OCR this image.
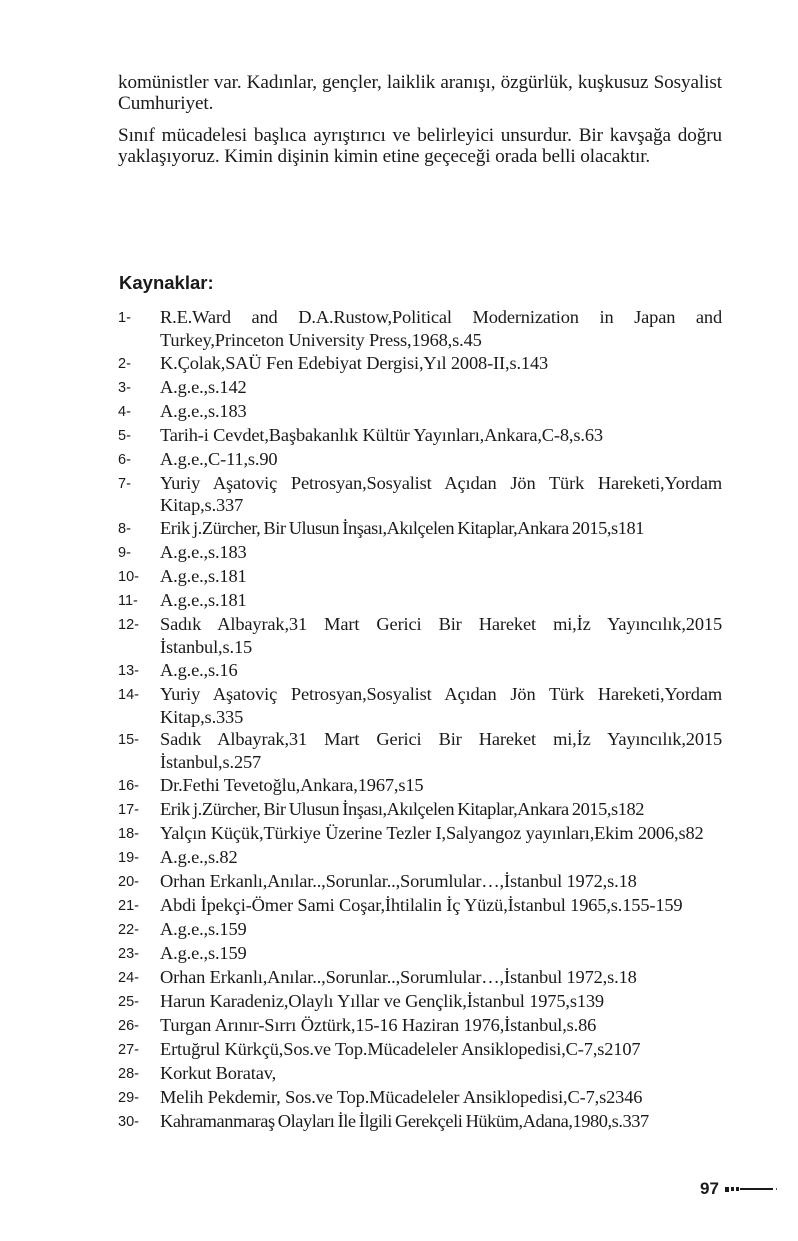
komünistler var. Kadınlar, gençler, laiklik aranışı, özgürlük, kuşkusuz Sosyalist Cumhuriyet.

Sınıf mücadelesi başlıca ayrıştırıcı ve belirleyici unsurdur. Bir kavşağa doğru yaklaşıyoruz. Kimin dişinin kimin etine geçeceği orada belli olacaktır.

Kaynaklar:
1-	R.E.Ward and D.A.Rustow,Political Modernization in Japan and Turkey,Princeton University Press,1968,s.45
2-	K.Çolak,SAÜ Fen Edebiyat Dergisi,Yıl 2008-II,s.143
3-	A.g.e.,s.142
4-	A.g.e.,s.183
5-	Tarih-i Cevdet,Başbakanlık Kültür Yayınları,Ankara,C-8,s.63
6-	A.g.e.,C-11,s.90
7-	Yuriy Aşatoviç Petrosyan,Sosyalist Açıdan Jön Türk Hareketi,Yordam Kitap,s.337
8-	Erik j.Zürcher, Bir Ulusun İnşası,Akılçelen Kitaplar,Ankara 2015,s181
9-	A.g.e.,s.183
10-	A.g.e.,s.181
11-	A.g.e.,s.181
12-	Sadık Albayrak,31 Mart Gerici Bir Hareket mi,İz Yayıncılık,2015 İstanbul,s.15
13-	A.g.e.,s.16
14-	Yuriy Aşatoviç Petrosyan,Sosyalist Açıdan Jön Türk Hareketi,Yordam Kitap,s.335
15-	Sadık Albayrak,31 Mart Gerici Bir Hareket mi,İz Yayıncılık,2015 İstanbul,s.257
16-	Dr.Fethi Tevetoğlu,Ankara,1967,s15
17-	Erik j.Zürcher, Bir Ulusun İnşası,Akılçelen Kitaplar,Ankara 2015,s182
18-	Yalçın Küçük,Türkiye Üzerine Tezler I,Salyangoz yayınları,Ekim 2006,s82
19-	A.g.e.,s.82
20-	Orhan Erkanlı,Anılar..,Sorunlar..,Sorumlular…,İstanbul 1972,s.18
21-	Abdi İpekçi-Ömer Sami Coşar,İhtilalin İç Yüzü,İstanbul 1965,s.155-159
22-	A.g.e.,s.159
23-	A.g.e.,s.159
24-	Orhan Erkanlı,Anılar..,Sorunlar..,Sorumlular…,İstanbul 1972,s.18
25-	Harun Karadeniz,Olaylı Yıllar ve Gençlik,İstanbul 1975,s139
26-	Turgan Arınır-Sırrı Öztürk,15-16 Haziran 1976,İstanbul,s.86
27-	Ertuğrul Kürkçü,Sos.ve Top.Mücadeleler Ansiklopedisi,C-7,s2107
28-	Korkut Boratav,
29-	Melih Pekdemir, Sos.ve Top.Mücadeleler Ansiklopedisi,C-7,s2346
30-	Kahramanmaraş Olayları İle İlgili Gerekçeli Hüküm,Adana,1980,s.337
97
